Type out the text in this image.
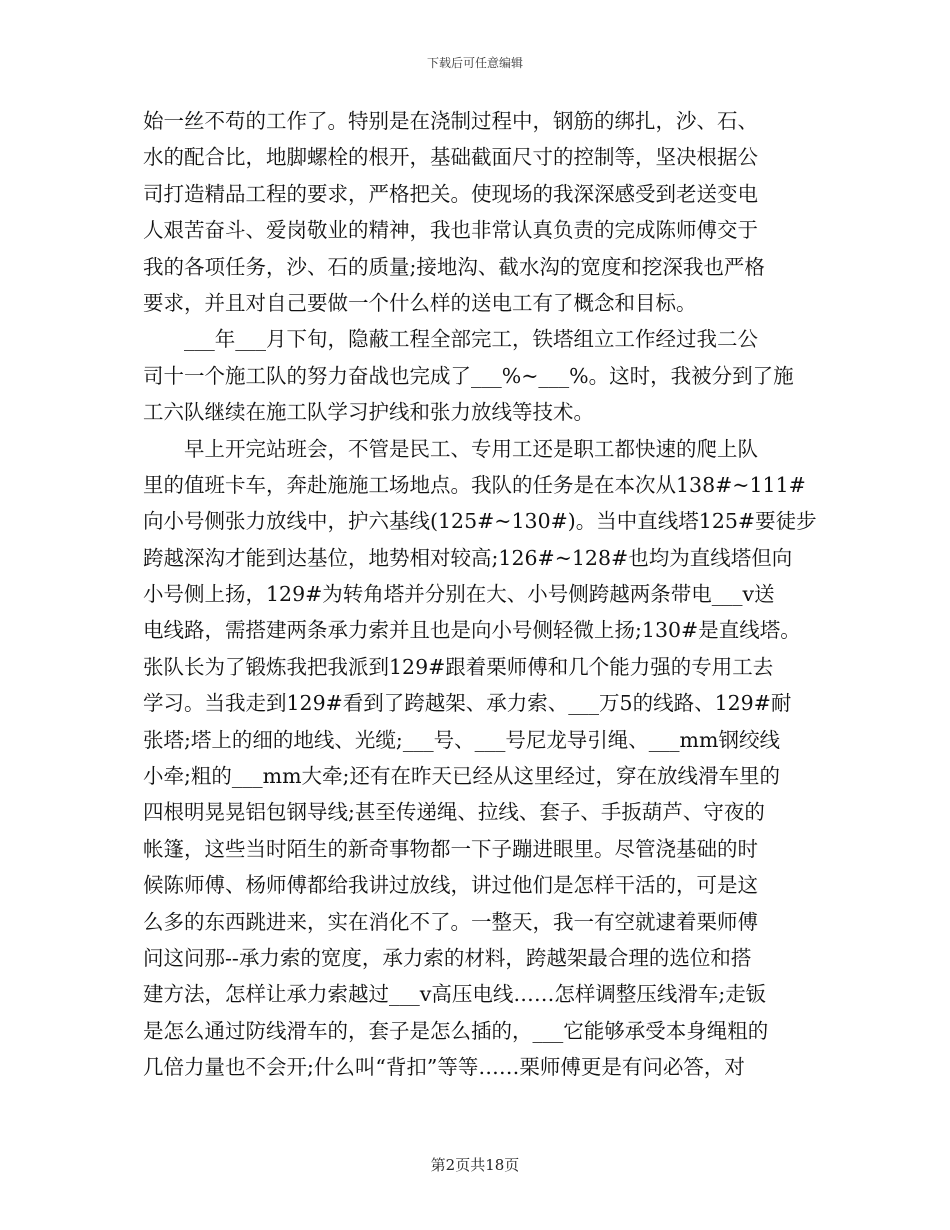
下载后可任意编辑
始一丝不苟的工作了。特别是在浇制过程中，钢筋的绑扎，沙、石、
水的配合比，地脚螺栓的根开，基础截面尺寸的控制等，坚决根据公
司打造精品工程的要求，严格把关。使现场的我深深感受到老送变电
人艰苦奋斗、爱岗敬业的精神，我也非常认真负责的完成陈师傅交于
我的各项任务，沙、石的质量;接地沟、截水沟的宽度和挖深我也严格
要求，并且对自己要做一个什么样的送电工有了概念和目标。
　　___年___月下旬，隐蔽工程全部完工，铁塔组立工作经过我二公
司十一个施工队的努力奋战也完成了___%~___%。这时，我被分到了施
工六队继续在施工队学习护线和张力放线等技术。
　　早上开完站班会，不管是民工、专用工还是职工都快速的爬上队
里的值班卡车，奔赴施施工场地点。我队的任务是在本次从138#~111#
向小号侧张力放线中，护六基线(125#~130#)。当中直线塔125#要徒步
跨越深沟才能到达基位，地势相对较高;126#~128#也均为直线塔但向
小号侧上扬，129#为转角塔并分别在大、小号侧跨越两条带电___v送
电线路，需搭建两条承力索并且也是向小号侧轻微上扬;130#是直线塔。
张队长为了锻炼我把我派到129#跟着栗师傅和几个能力强的专用工去
学习。当我走到129#看到了跨越架、承力索、___万5的线路、129#耐
张塔;塔上的细的地线、光缆;___号、___号尼龙导引绳、___mm钢绞线
小牵;粗的___mm大牵;还有在昨天已经从这里经过，穿在放线滑车里的
四根明晃晃铝包钢导线;甚至传递绳、拉线、套子、手扳葫芦、守夜的
帐篷，这些当时陌生的新奇事物都一下子蹦进眼里。尽管浇基础的时
候陈师傅、杨师傅都给我讲过放线，讲过他们是怎样干活的，可是这
么多的东西跳进来，实在消化不了。一整天，我一有空就逮着栗师傅
问这问那--承力索的宽度，承力索的材料，跨越架最合理的选位和搭
建方法，怎样让承力索越过___v高压电线……怎样调整压线滑车;走钣
是怎么通过防线滑车的，套子是怎么插的，___它能够承受本身绳粗的
几倍力量也不会开;什么叫“背扣”等等……栗师傅更是有问必答，对
第2页共18页
